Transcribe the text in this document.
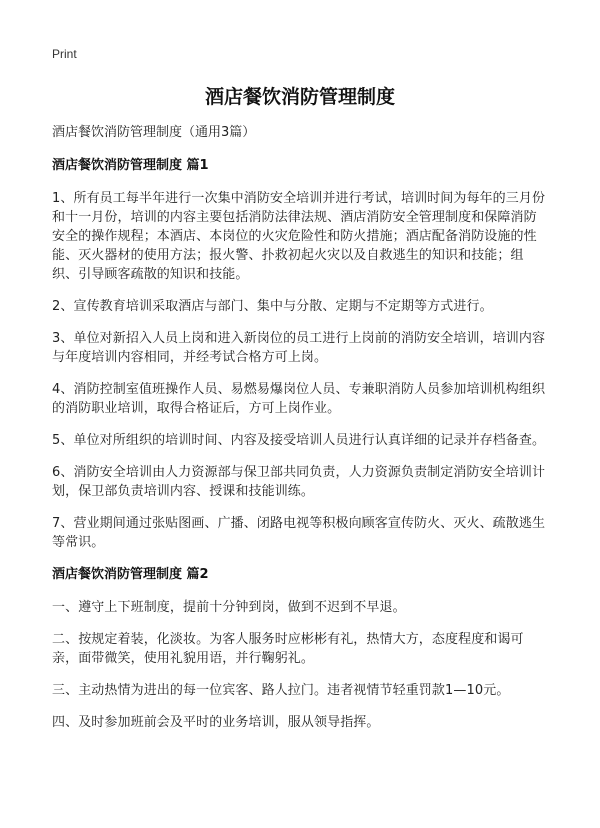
Print
酒店餐饮消防管理制度
酒店餐饮消防管理制度（通用3篇）
酒店餐饮消防管理制度 篇1

1、所有员工每半年进行一次集中消防安全培训并进行考试，培训时间为每年的三月份和十一月份，培训的内容主要包括消防法律法规、酒店消防安全管理制度和保障消防安全的操作规程；本酒店、本岗位的火灾危险性和防火措施；酒店配备消防设施的性能、灭火器材的使用方法；报火警、扑救初起火灾以及自救逃生的知识和技能；组织、引导顾客疏散的知识和技能。

2、宣传教育培训采取酒店与部门、集中与分散、定期与不定期等方式进行。

3、单位对新招入人员上岗和进入新岗位的员工进行上岗前的消防安全培训，培训内容与年度培训内容相同，并经考试合格方可上岗。

4、消防控制室值班操作人员、易燃易爆岗位人员、专兼职消防人员参加培训机构组织的消防职业培训，取得合格证后，方可上岗作业。

5、单位对所组织的培训时间、内容及接受培训人员进行认真详细的记录并存档备查。

6、消防安全培训由人力资源部与保卫部共同负责，人力资源负责制定消防安全培训计划，保卫部负责培训内容、授课和技能训练。

7、营业期间通过张贴图画、广播、闭路电视等积极向顾客宣传防火、灭火、疏散逃生等常识。

酒店餐饮消防管理制度 篇2

一、遵守上下班制度，提前十分钟到岗，做到不迟到不早退。

二、按规定着装，化淡妆。为客人服务时应彬彬有礼，热情大方，态度程度和谒可亲，面带微笑，使用礼貌用语，并行鞠躬礼。

三、主动热情为进出的每一位宾客、路人拉门。违者视情节轻重罚款1—10元。

四、及时参加班前会及平时的业务培训，服从领导指挥。
